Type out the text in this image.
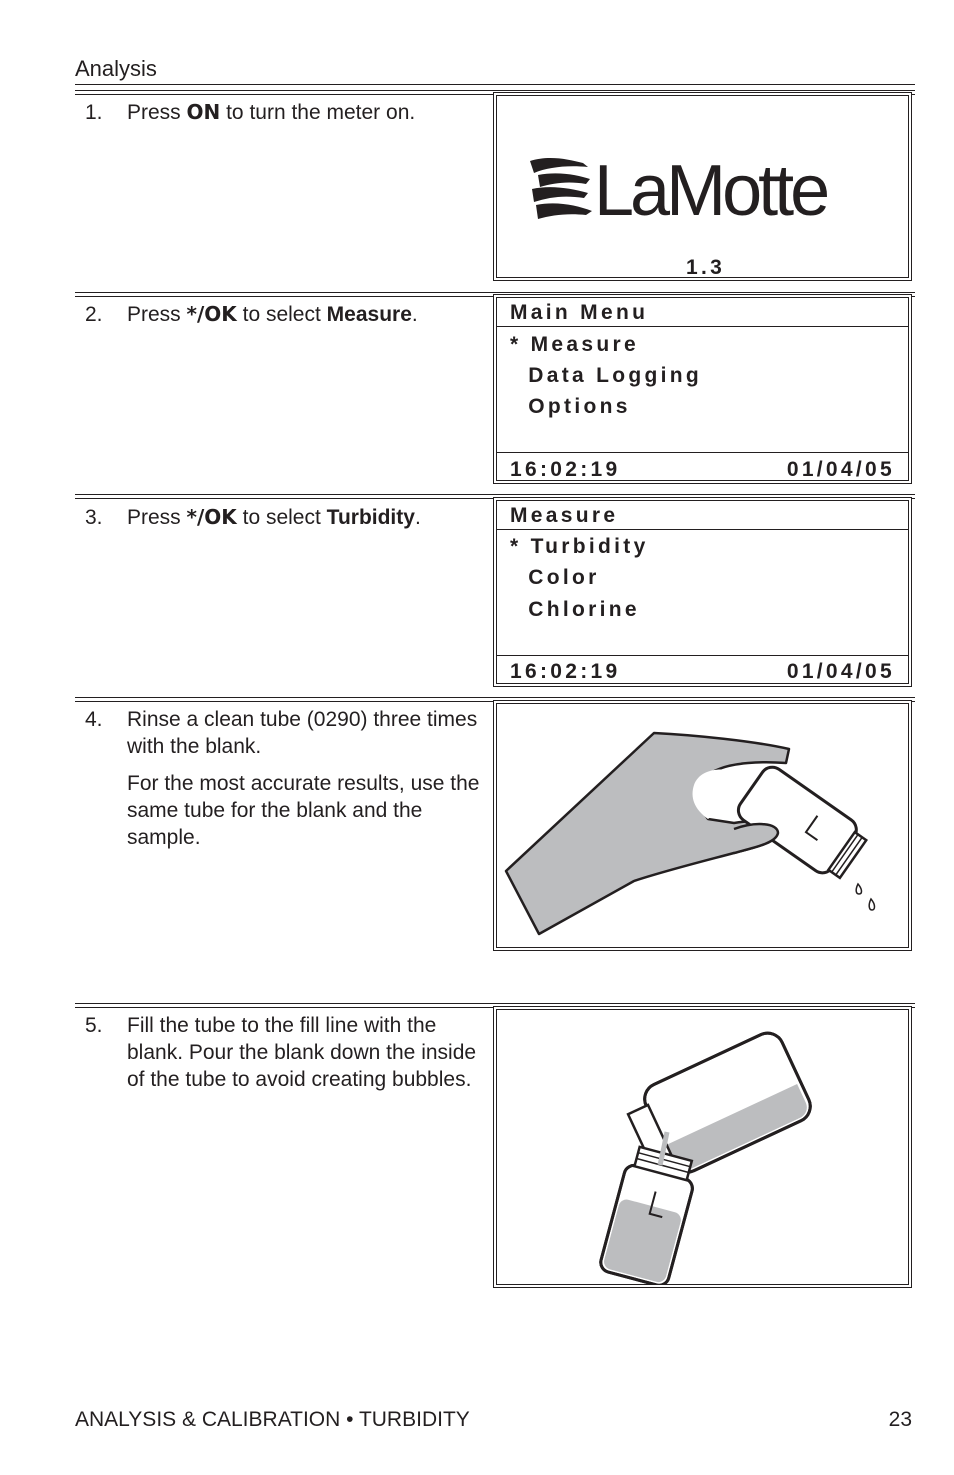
Analysis
1. Press ON to turn the meter on.
LaMotte
1.3
2. Press */OK to select Measure.	Main Menu
* Measure
Data Logging
Options
16:02:19	01/04/05
3. Press */OK to select Turbidity.	Measure
* Turbidity
Color
Chlorine
16:02:19	01/04/05
4. Rinse a clean tube (0290) three times with the blank.

For the most accurate results, use the same tube for the blank and the sample.

5. Fill the tube to the fill line with the blank. Pour the blank down the inside of the tube to avoid creating bubbles.

ANALYSIS & CALIBRATION • TURBIDITY	23
